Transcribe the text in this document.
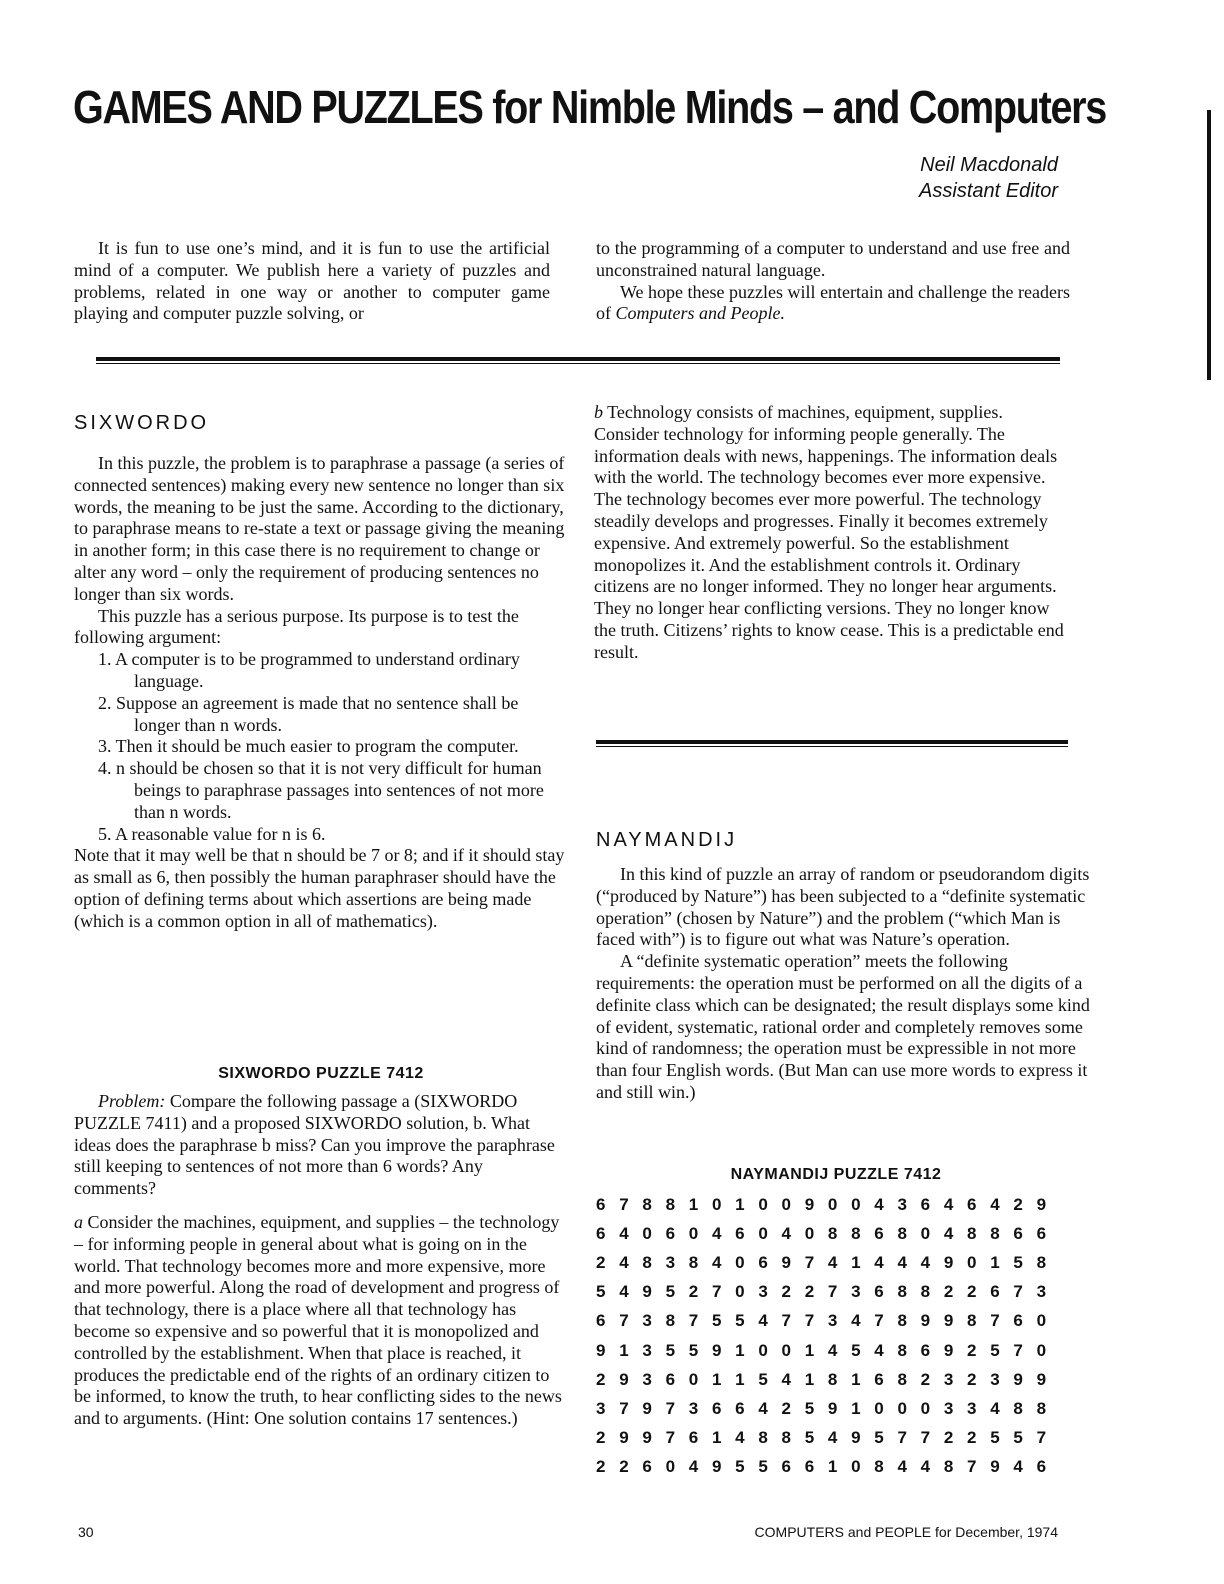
GAMES AND PUZZLES for Nimble Minds – and Computers
Neil Macdonald
Assistant Editor

It is fun to use one’s mind, and it is fun to use the artificial mind of a computer. We publish here a variety of puzzles and problems, related in one way or another to computer game playing and computer puzzle solving, or

to the programming of a computer to understand and use free and unconstrained natural language.

We hope these puzzles will entertain and challenge the readers of Computers and People.

SIXWORDO

In this puzzle, the problem is to paraphrase a passage (a series of connected sentences) making every new sentence no longer than six words, the meaning to be just the same. According to the dictionary, to paraphrase means to re-state a text or passage giving the meaning in another form; in this case there is no requirement to change or alter any word – only the requirement of producing sentences no longer than six words.

This puzzle has a serious purpose. Its purpose is to test the following argument:

1. A computer is to be programmed to understand ordinary language.
2. Suppose an agreement is made that no sentence shall be longer than n words.
3. Then it should be much easier to program the computer.
4. n should be chosen so that it is not very difficult for human beings to paraphrase passages into sentences of not more than n words.
5. A reasonable value for n is 6.

Note that it may well be that n should be 7 or 8; and if it should stay as small as 6, then possibly the human paraphraser should have the option of defining terms about which assertions are being made (which is a common option in all of mathematics).

SIXWORDO PUZZLE 7412

Problem: Compare the following passage a (SIXWORDO PUZZLE 7411) and a proposed SIXWORDO solution, b. What ideas does the paraphrase b miss? Can you improve the paraphrase still keeping to sentences of not more than 6 words? Any comments?

a Consider the machines, equipment, and supplies – the technology – for informing people in general about what is going on in the world. That technology becomes more and more expensive, more and more powerful. Along the road of development and progress of that technology, there is a place where all that technology has become so expensive and so powerful that it is monopolized and controlled by the establishment. When that place is reached, it produces the predictable end of the rights of an ordinary citizen to be informed, to know the truth, to hear conflicting sides to the news and to arguments. (Hint: One solution contains 17 sentences.)

b Technology consists of machines, equipment, supplies. Consider technology for informing people generally. The information deals with news, happenings. The information deals with the world. The technology becomes ever more expensive. The technology becomes ever more powerful. The technology steadily develops and progresses. Finally it becomes extremely expensive. And extremely powerful. So the establishment monopolizes it. And the establishment controls it. Ordinary citizens are no longer informed. They no longer hear arguments. They no longer hear conflicting versions. They no longer know the truth. Citizens’ rights to know cease. This is a predictable end result.

NAYMANDIJ

In this kind of puzzle an array of random or pseudorandom digits (“produced by Nature”) has been subjected to a “definite systematic operation” (chosen by Nature”) and the problem (“which Man is faced with”) is to figure out what was Nature’s operation.

A “definite systematic operation” meets the following requirements: the operation must be performed on all the digits of a definite class which can be designated; the result displays some kind of evident, systematic, rational order and completely removes some kind of randomness; the operation must be expressible in not more than four English words. (But Man can use more words to express it and still win.)

NAYMANDIJ PUZZLE 7412
6	7	8	8	1	0	1	0	0	9	0	0	4	3	6	4	6	4	2	9
6	4	0	6	0	4	6	0	4	0	8	8	6	8	0	4	8	8	6	6
2	4	8	3	8	4	0	6	9	7	4	1	4	4	4	9	0	1	5	8
5	4	9	5	2	7	0	3	2	2	7	3	6	8	8	2	2	6	7	3
6	7	3	8	7	5	5	4	7	7	3	4	7	8	9	9	8	7	6	0
9	1	3	5	5	9	1	0	0	1	4	5	4	8	6	9	2	5	7	0
2	9	3	6	0	1	1	5	4	1	8	1	6	8	2	3	2	3	9	9
3	7	9	7	3	6	6	4	2	5	9	1	0	0	0	3	3	4	8	8
2	9	9	7	6	1	4	8	8	5	4	9	5	7	7	2	2	5	5	7
2	2	6	0	4	9	5	5	6	6	1	0	8	4	4	8	7	9	4	6
30	COMPUTERS and PEOPLE for December, 1974
